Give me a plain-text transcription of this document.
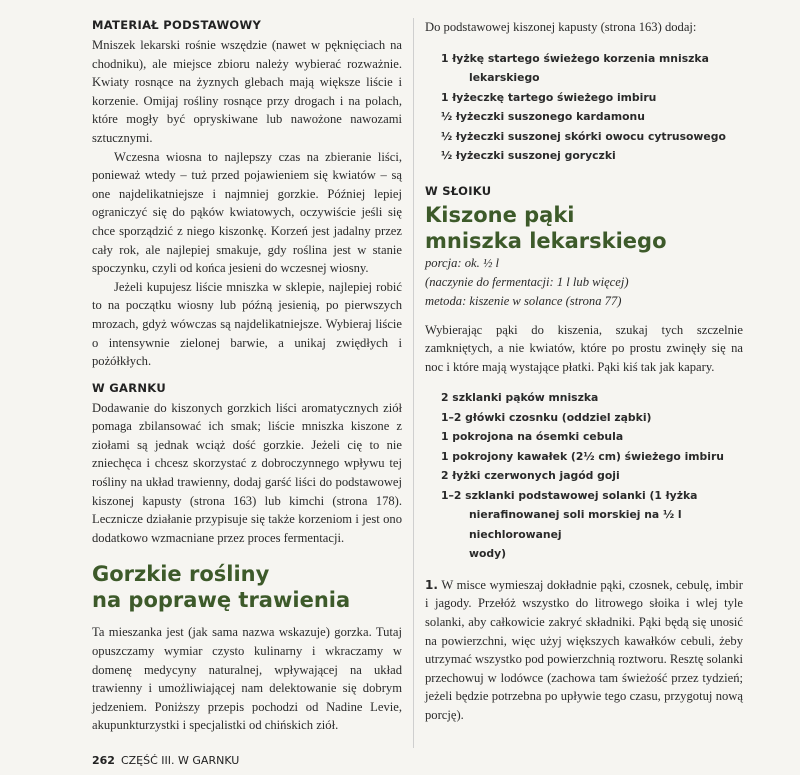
MATERIAŁ PODSTAWOWY

Mniszek lekarski rośnie wszędzie (nawet w pęknięciach na chodniku), ale miejsce zbioru należy wybierać rozważnie. Kwiaty rosnące na żyznych glebach mają większe liście i korzenie. Omijaj rośliny rosnące przy drogach i na polach, które mogły być opryskiwane lub nawożone nawozami sztucznymi.

Wczesna wiosna to najlepszy czas na zbieranie liści, ponieważ wtedy – tuż przed pojawieniem się kwiatów – są one najdelikatniejsze i najmniej gorzkie. Później lepiej ograniczyć się do pąków kwiatowych, oczywiście jeśli się chce sporządzić z niego kiszonkę. Korzeń jest jadalny przez cały rok, ale najlepiej smakuje, gdy roślina jest w stanie spoczynku, czyli od końca jesieni do wczesnej wiosny.

Jeżeli kupujesz liście mniszka w sklepie, najlepiej robić to na początku wiosny lub późną jesienią, po pierwszych mrozach, gdyż wówczas są najdelikatniejsze. Wybieraj liście o intensywnie zielonej barwie, a unikaj zwiędłych i pożółkłych.

W GARNKU

Dodawanie do kiszonych gorzkich liści aromatycznych ziół pomaga zbilansować ich smak; liście mniszka kiszone z ziołami są jednak wciąż dość gorzkie. Jeżeli cię to nie zniechęca i chcesz skorzystać z dobroczynnego wpływu tej rośliny na układ trawienny, dodaj garść liści do podstawowej kiszonej kapusty (strona 163) lub kimchi (strona 178). Lecznicze działanie przypisuje się także korzeniom i jest ono dodatkowo wzmacniane przez proces fermentacji.

Gorzkie rośliny
na poprawę trawienia

Ta mieszanka jest (jak sama nazwa wskazuje) gorzka. Tutaj opuszczamy wymiar czysto kulinarny i wkraczamy w domenę medycyny naturalnej, wpływającej na układ trawienny i umożliwiającej nam delektowanie się dobrym jedzeniem. Poniższy przepis pochodzi od Nadine Levie, akupunkturzystki i specjalistki od chińskich ziół.

Do podstawowej kiszonej kapusty (strona 163) dodaj:

1 łyżkę startego świeżego korzenia mniszka
lekarskiego
1 łyżeczkę tartego świeżego imbiru
½ łyżeczki suszonego kardamonu
½ łyżeczki suszonej skórki owocu cytrusowego
½ łyżeczki suszonej goryczki
W SŁOIKU
Kiszone pąki
mniszka lekarskiego
porcja: ok. ½ l
(naczynie do fermentacji: 1 l lub więcej)
metoda: kiszenie w solance (strona 77)

Wybierając pąki do kiszenia, szukaj tych szczelnie zamkniętych, a nie kwiatów, które po prostu zwinęły się na noc i które mają wystające płatki. Pąki kiś tak jak kapary.

2 szklanki pąków mniszka
1–2 główki czosnku (oddziel ząbki)
1 pokrojona na ósemki cebula
1 pokrojony kawałek (2½ cm) świeżego imbiru
2 łyżki czerwonych jagód goji
1–2 szklanki podstawowej solanki (1 łyżka
nierafinowanej soli morskiej na ½ l niechlorowanej
wody)

1. W misce wymieszaj dokładnie pąki, czosnek, cebulę, imbir i jagody. Przełóż wszystko do litrowego słoika i wlej tyle solanki, aby całkowicie zakryć składniki. Pąki będą się unosić na powierzchni, więc użyj większych kawałków cebuli, żeby utrzymać wszystko pod powierzchnią roztworu. Resztę solanki przechowuj w lodówce (zachowa tam świeżość przez tydzień; jeżeli będzie potrzebna po upływie tego czasu, przygotuj nową porcję).

262 CZĘŚĆ III. W GARNKU
